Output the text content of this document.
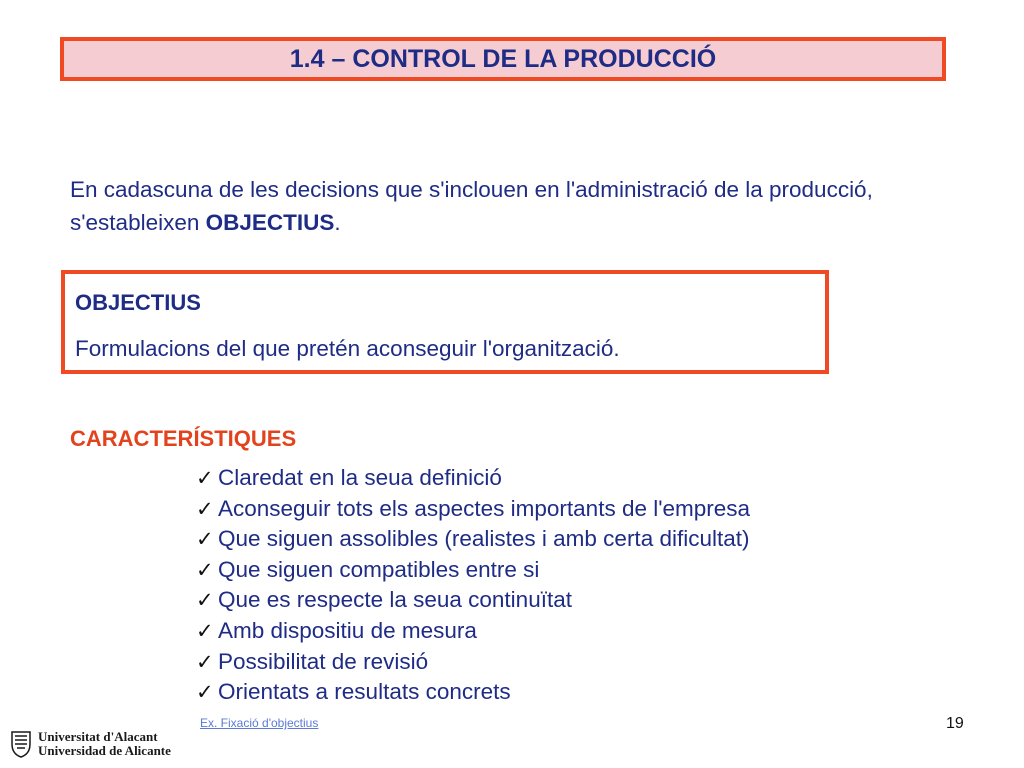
1.4 – CONTROL DE LA PRODUCCIÓ
En cadascuna de les decisions que s'inclouen en l'administració de la producció, s'estableixen OBJECTIUS.
OBJECTIUS
Formulacions del que pretén aconseguir l'organització.
CARACTERÍSTIQUES
✓ Claredat en la seua definició
✓ Aconseguir tots els aspectes importants de l'empresa
✓ Que siguen assolibles (realistes i amb certa dificultat)
✓ Que siguen compatibles entre si
✓ Que es respecte la seua continuïtat
✓ Amb dispositiu de mesura
✓ Possibilitat de revisió
✓ Orientats a resultats concrets
Universitat d'Alacant
Universidad de Alicante
Ex. Fixació d'objectius	19
